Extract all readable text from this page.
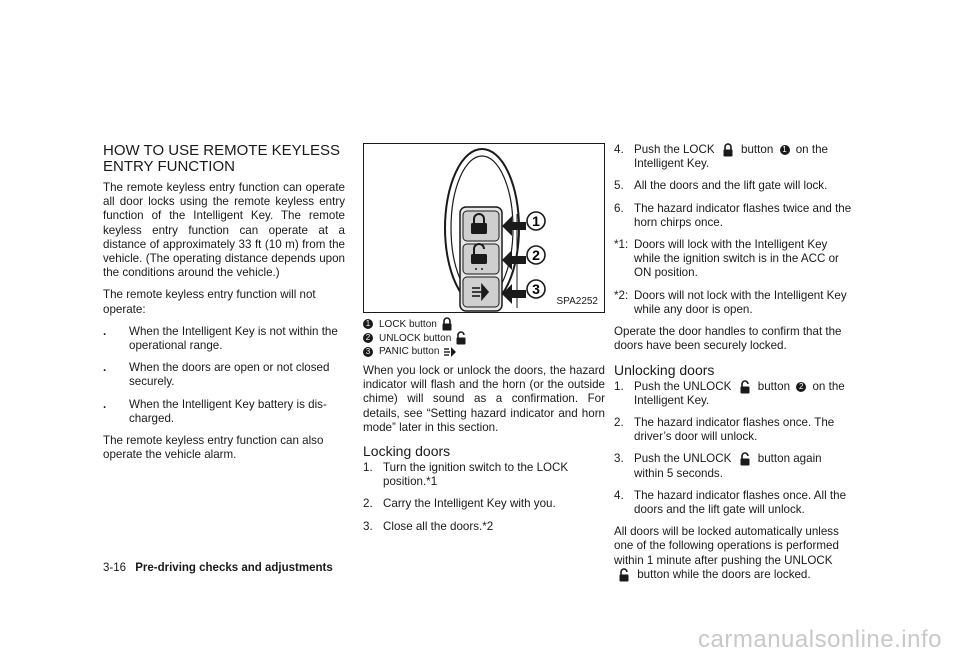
HOW TO USE REMOTE KEYLESS
ENTRY FUNCTION

The remote keyless entry function can operate all door locks using the remote keyless entry function of the Intelligent Key. The remote keyless entry function can operate at a distance of approximately 33 ft (10 m) from the vehicle. (The operating distance depends upon the conditions around the vehicle.)

The remote keyless entry function will not operate:

. When the Intelligent Key is not within the operational range.
. When the doors are open or not closed securely.
. When the Intelligent Key battery is dis-charged.

The remote keyless entry function can also operate the vehicle alarm.

1
2
3
SPA2252
1 LOCK button
2 UNLOCK button
3 PANIC button

When you lock or unlock the doors, the hazard indicator will flash and the horn (or the outside chime) will sound as a confirmation. For details, see “Setting hazard indicator and horn mode” later in this section.

Locking doors
1. Turn the ignition switch to the LOCK position.*1
2. Carry the Intelligent Key with you.
3. Close all the doors.*2
4. Push the LOCK button 1 on the Intelligent Key.
5. All the doors and the lift gate will lock.
6. The hazard indicator flashes twice and the horn chirps once.
*1: Doors will lock with the Intelligent Key while the ignition switch is in the ACC or ON position.
*2: Doors will not lock with the Intelligent Key while any door is open.

Operate the door handles to confirm that the doors have been securely locked.

Unlocking doors
1. Push the UNLOCK button 2 on the Intelligent Key.
2. The hazard indicator flashes once. The driver’s door will unlock.
3. Push the UNLOCK button again within 5 seconds.
4. The hazard indicator flashes once. All the doors and the lift gate will unlock.

All doors will be locked automatically unless one of the following operations is performed within 1 minute after pushing the UNLOCK  button while the doors are locked.

3-16 Pre-driving checks and adjustments
carmanualsonline.info
